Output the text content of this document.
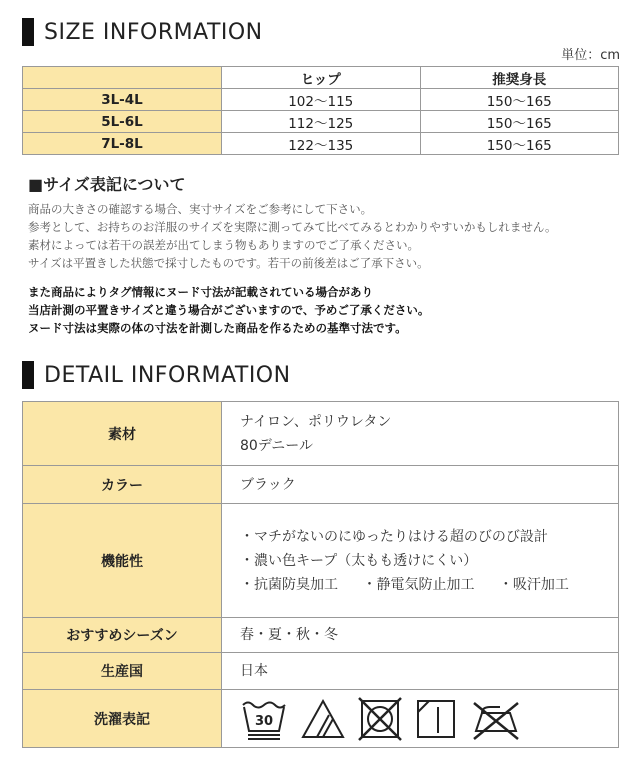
SIZE INFORMATION
単位：cm
	ヒップ	推奨身長
3L-4L	102～115	150～165
5L-6L	112～125	150～165
7L-8L	122～135	150～165
■サイズ表記について
商品の大きさの確認する場合、実寸サイズをご参考にして下さい。
参考として、お持ちのお洋服のサイズを実際に測ってみて比べてみるとわかりやすいかもしれません。
素材によっては若干の誤差が出てしまう物もありますのでご了承ください。
サイズは平置きした状態で採寸したものです。若干の前後差はご了承下さい。
また商品によりタグ情報にヌード寸法が記載されている場合があり
当店計測の平置きサイズと違う場合がございますので、予めご了承ください。
ヌード寸法は実際の体の寸法を計測した商品を作るための基準寸法です。
DETAIL INFORMATION
素材	ナイロン、ポリウレタン
80デニール

カラー	ブラック
機能性	・マチがないのにゆったりはける超のびのび設計
・濃い色キープ（太もも透けにくい）
・抗菌防臭加工 ・静電気防止加工 ・吸汗加工

おすすめシーズン	春・夏・秋・冬
生産国	日本
洗濯表記	30
